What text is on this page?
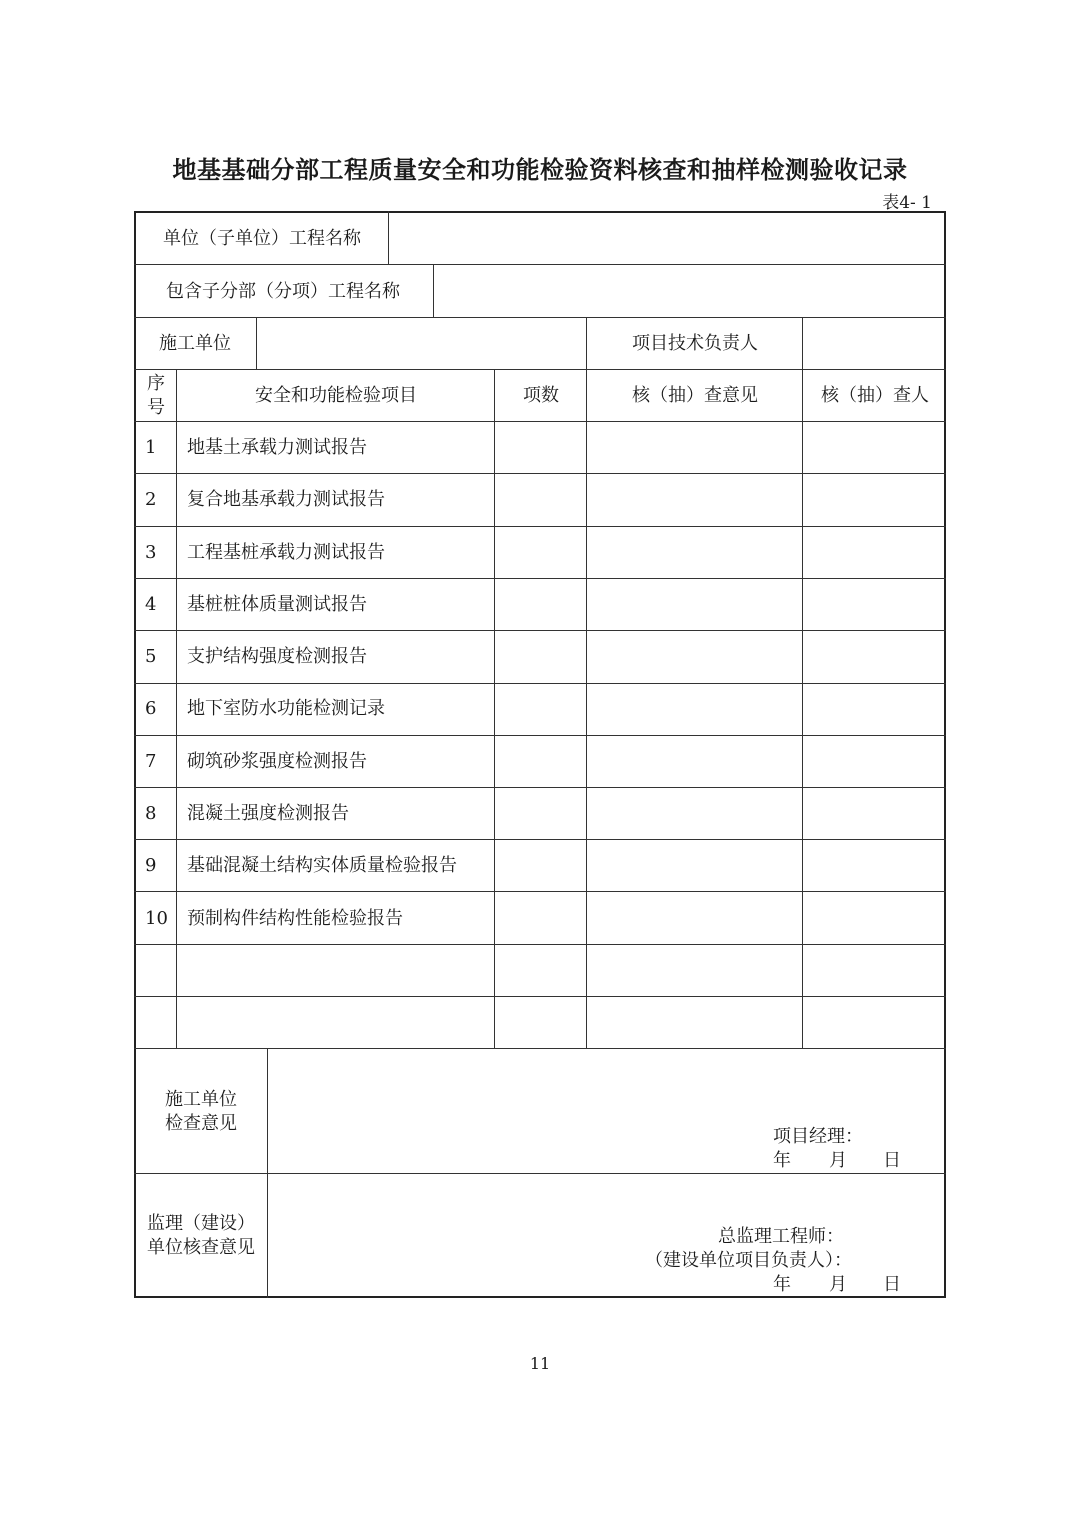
地基基础分部工程质量安全和功能检验资料核查和抽样检测验收记录
表4- 1
单位（子单位）工程名称
包含子分部（分项）工程名称
施工单位	项目技术负责人
序
号
安全和功能检验项目	项数	核（抽）查意见	核（抽）查人
1 地基土承载力测试报告
2 复合地基承载力测试报告
3 工程基桩承载力测试报告
4 基桩桩体质量测试报告
5 支护结构强度检测报告
6 地下室防水功能检测记录
7 砌筑砂浆强度检测报告
8 混凝土强度检测报告
9 基础混凝土结构实体质量检验报告
10 预制构件结构性能检验报告
施工单位
检查意见
项目经理：
年 月 日
监理（建设）
单位核查意见
总监理工程师：
（建设单位项目负责人）：
年 月 日
11
